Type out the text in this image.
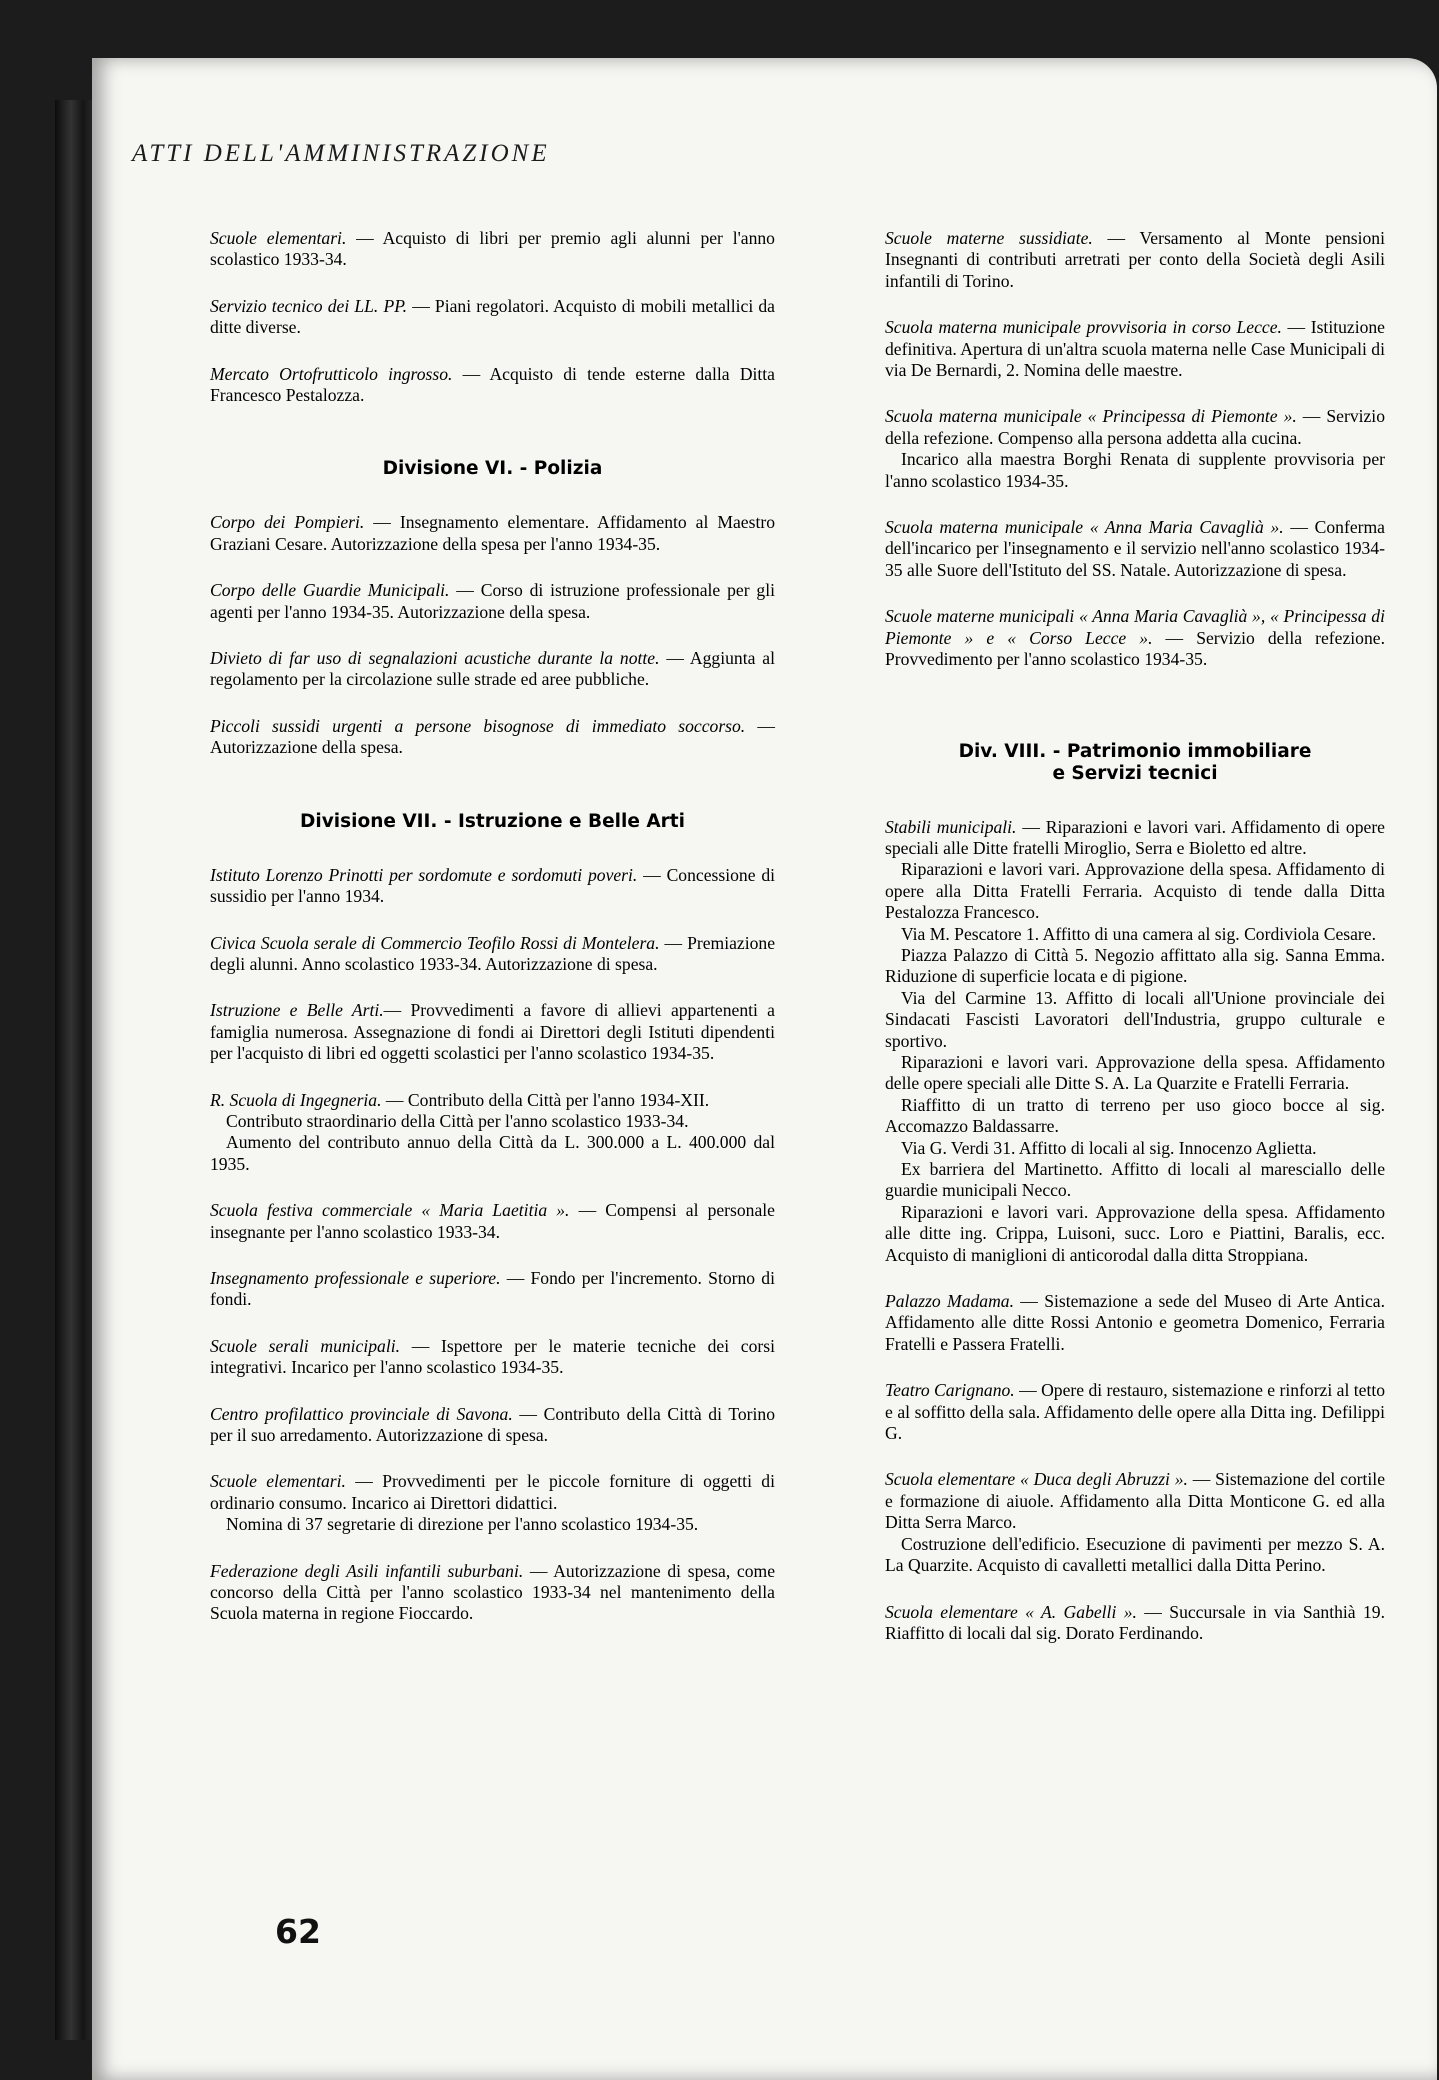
ATTI DELL'AMMINISTRAZIONE

Scuole elementari. — Acquisto di libri per premio agli alunni per l'anno scolastico 1933-34.

Servizio tecnico dei LL. PP. — Piani regolatori. Acquisto di mobili metallici da ditte diverse.

Mercato Ortofrutticolo ingrosso. — Acquisto di tende esterne dalla Ditta Francesco Pestalozza.

Divisione VI. - Polizia

Corpo dei Pompieri. — Insegnamento elementare. Affidamento al Maestro Graziani Cesare. Autorizzazione della spesa per l'anno 1934-35.

Corpo delle Guardie Municipali. — Corso di istruzione professionale per gli agenti per l'anno 1934-35. Autorizzazione della spesa.

Divieto di far uso di segnalazioni acustiche durante la notte. — Aggiunta al regolamento per la circolazione sulle strade ed aree pubbliche.

Piccoli sussidi urgenti a persone bisognose di immediato soccorso. — Autorizzazione della spesa.

Divisione VII. - Istruzione e Belle Arti

Istituto Lorenzo Prinotti per sordomute e sordomuti poveri. — Concessione di sussidio per l'anno 1934.

Civica Scuola serale di Commercio Teofilo Rossi di Montelera. — Premiazione degli alunni. Anno scolastico 1933-34. Autorizzazione di spesa.

Istruzione e Belle Arti.— Provvedimenti a favore di allievi appartenenti a famiglia numerosa. Assegnazione di fondi ai Direttori degli Istituti dipendenti per l'acquisto di libri ed oggetti scolastici per l'anno scolastico 1934-35.

R. Scuola di Ingegneria. — Contributo della Città per l'anno 1934-XII.

Contributo straordinario della Città per l'anno scolastico 1933-34.

Aumento del contributo annuo della Città da L. 300.000 a L. 400.000 dal 1935.

Scuola festiva commerciale « Maria Laetitia ». — Compensi al personale insegnante per l'anno scolastico 1933-34.

Insegnamento professionale e superiore. — Fondo per l'incremento. Storno di fondi.

Scuole serali municipali. — Ispettore per le materie tecniche dei corsi integrativi. Incarico per l'anno scolastico 1934-35.

Centro profilattico provinciale di Savona. — Contributo della Città di Torino per il suo arredamento. Autorizzazione di spesa.

Scuole elementari. — Provvedimenti per le piccole forniture di oggetti di ordinario consumo. Incarico ai Direttori didattici.

Nomina di 37 segretarie di direzione per l'anno scolastico 1934-35.

Federazione degli Asili infantili suburbani. — Autorizzazione di spesa, come concorso della Città per l'anno scolastico 1933-34 nel mantenimento della Scuola materna in regione Fioccardo.

Scuole materne sussidiate. — Versamento al Monte pensioni Insegnanti di contributi arretrati per conto della Società degli Asili infantili di Torino.

Scuola materna municipale provvisoria in corso Lecce. — Istituzione definitiva. Apertura di un'altra scuola materna nelle Case Municipali di via De Bernardi, 2. Nomina delle maestre.

Scuola materna municipale « Principessa di Piemonte ». — Servizio della refezione. Compenso alla persona addetta alla cucina.

Incarico alla maestra Borghi Renata di supplente provvisoria per l'anno scolastico 1934-35.

Scuola materna municipale « Anna Maria Cavaglià ». — Conferma dell'incarico per l'insegnamento e il servizio nell'anno scolastico 1934-35 alle Suore dell'Istituto del SS. Natale. Autorizzazione di spesa.

Scuole materne municipali « Anna Maria Cavaglià », « Principessa di Piemonte » e « Corso Lecce ». — Servizio della refezione. Provvedimento per l'anno scolastico 1934-35.

Div. VIII. - Patrimonio immobiliare
e Servizi tecnici

Stabili municipali. — Riparazioni e lavori vari. Affidamento di opere speciali alle Ditte fratelli Miroglio, Serra e Bioletto ed altre.

Riparazioni e lavori vari. Approvazione della spesa. Affidamento di opere alla Ditta Fratelli Ferraria. Acquisto di tende dalla Ditta Pestalozza Francesco.

Via M. Pescatore 1. Affitto di una camera al sig. Cordiviola Cesare.

Piazza Palazzo di Città 5. Negozio affittato alla sig. Sanna Emma. Riduzione di superficie locata e di pigione.

Via del Carmine 13. Affitto di locali all'Unione provinciale dei Sindacati Fascisti Lavoratori dell'Industria, gruppo culturale e sportivo.

Riparazioni e lavori vari. Approvazione della spesa. Affidamento delle opere speciali alle Ditte S. A. La Quarzite e Fratelli Ferraria.

Riaffitto di un tratto di terreno per uso gioco bocce al sig. Accomazzo Baldassarre.

Via G. Verdi 31. Affitto di locali al sig. Innocenzo Aglietta.

Ex barriera del Martinetto. Affitto di locali al maresciallo delle guardie municipali Necco.

Riparazioni e lavori vari. Approvazione della spesa. Affidamento alle ditte ing. Crippa, Luisoni, succ. Loro e Piattini, Baralis, ecc. Acquisto di maniglioni di anticorodal dalla ditta Stroppiana.

Palazzo Madama. — Sistemazione a sede del Museo di Arte Antica. Affidamento alle ditte Rossi Antonio e geometra Domenico, Ferraria Fratelli e Passera Fratelli.

Teatro Carignano. — Opere di restauro, sistemazione e rinforzi al tetto e al soffitto della sala. Affidamento delle opere alla Ditta ing. Defilippi G.

Scuola elementare « Duca degli Abruzzi ». — Sistemazione del cortile e formazione di aiuole. Affidamento alla Ditta Monticone G. ed alla Ditta Serra Marco.

Costruzione dell'edificio. Esecuzione di pavimenti per mezzo S. A. La Quarzite. Acquisto di cavalletti metallici dalla Ditta Perino.

Scuola elementare « A. Gabelli ». — Succursale in via Santhià 19. Riaffitto di locali dal sig. Dorato Ferdinando.

62
